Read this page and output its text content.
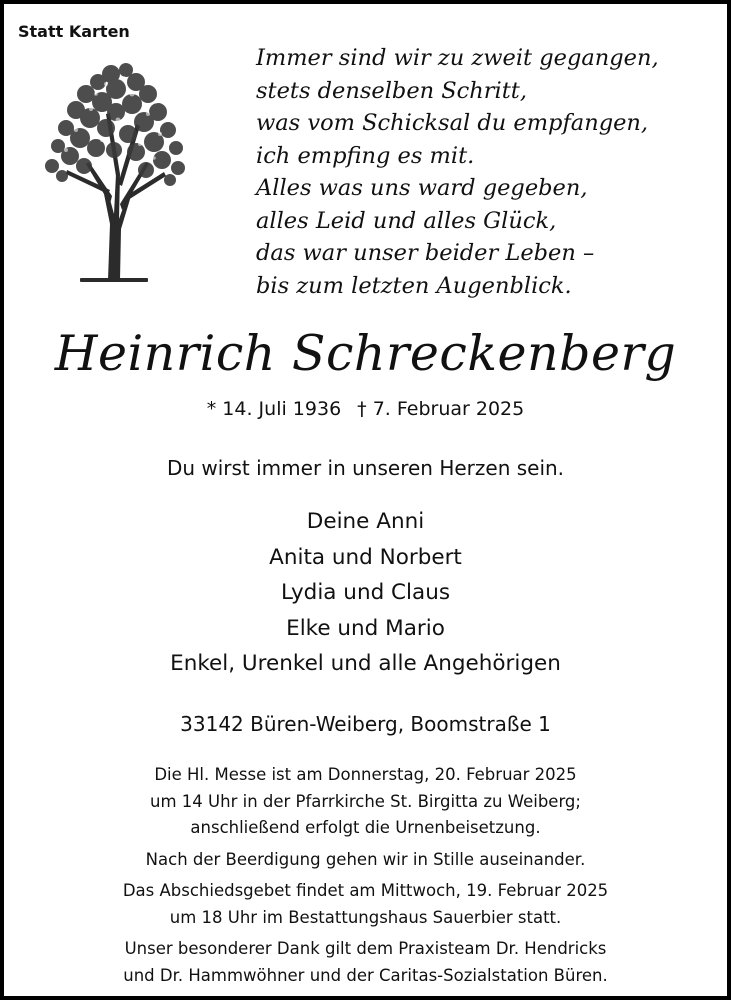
Statt Karten
Immer sind wir zu zweit gegangen,
stets denselben Schritt,
was vom Schicksal du empfangen,
ich empfing es mit.
Alles was uns ward gegeben,
alles Leid und alles Glück,
das war unser beider Leben –
bis zum letzten Augenblick.
Heinrich Schreckenberg
* 14. Juli 1936 † 7. Februar 2025
Du wirst immer in unseren Herzen sein.
Deine Anni
Anita und Norbert
Lydia und Claus
Elke und Mario
Enkel, Urenkel und alle Angehörigen
33142 Büren-Weiberg, Boomstraße 1
Die Hl. Messe ist am Donnerstag, 20. Februar 2025
um 14 Uhr in der Pfarrkirche St. Birgitta zu Weiberg;
anschließend erfolgt die Urnenbeisetzung.
Nach der Beerdigung gehen wir in Stille auseinander.
Das Abschiedsgebet findet am Mittwoch, 19. Februar 2025
um 18 Uhr im Bestattungshaus Sauerbier statt.
Unser besonderer Dank gilt dem Praxisteam Dr. Hendricks
und Dr. Hammwöhner und der Caritas-Sozialstation Büren.
